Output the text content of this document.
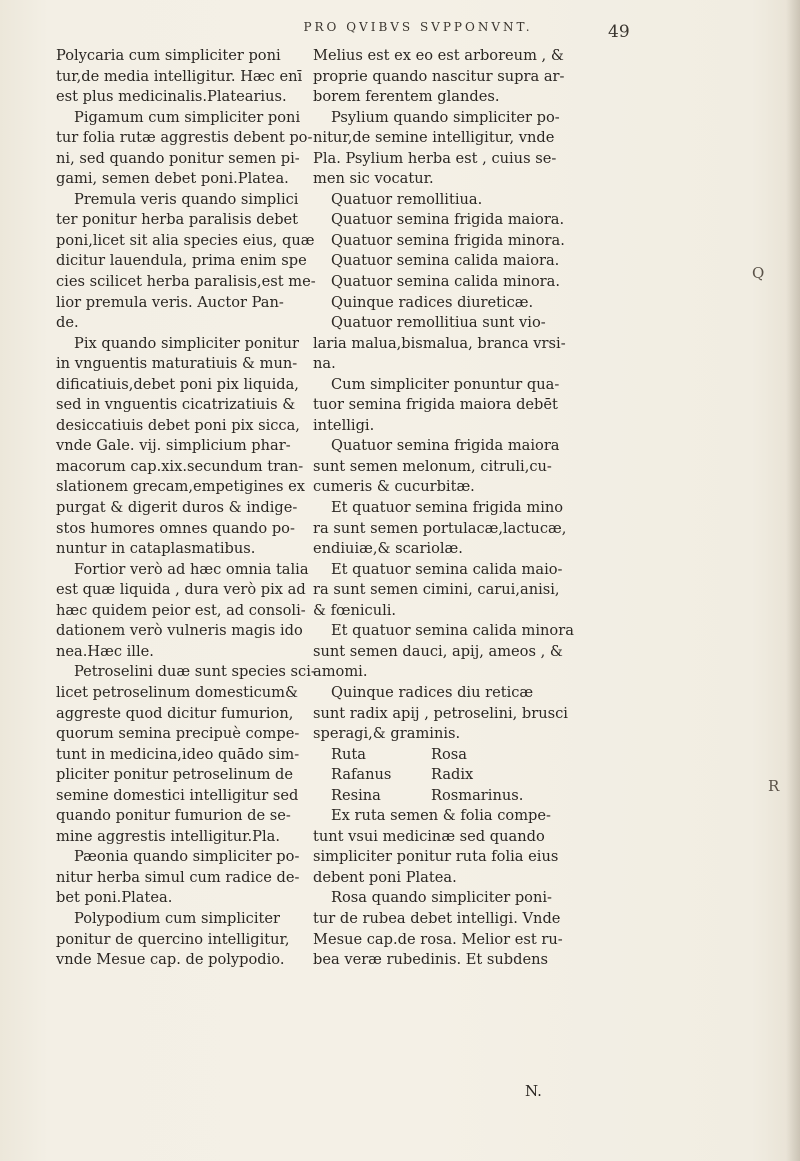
PRO QVIBVS SVPPONVNT.	49
Polycaria cum simpliciter poni
tur,de media intelligitur. Hæc enī
est plus medicinalis.Platearius.
Pigamum cum simpliciter poni
tur folia rutæ aggrestis debent po-
ni, sed quando ponitur semen pi-
gami, semen debet poni.Platea.
Premula veris quando simplici
ter ponitur herba paralisis debet
poni,licet sit alia species eius, quæ
dicitur lauendula, prima enim spe
cies scilicet herba paralisis,est me-
lior premula veris. Auctor Pan-
de.
Pix quando simpliciter ponitur
in vnguentis maturatiuis & mun-
dificatiuis,debet poni pix liquida,
sed in vnguentis cicatrizatiuis &
desiccatiuis debet poni pix sicca,
vnde Gale. vij. simplicium phar-
macorum cap.xix.secundum tran-
slationem grecam,empetigines ex
purgat & digerit duros & indige-
stos humores omnes quando po-
nuntur in cataplasmatibus.
Fortior verò ad hæc omnia talia
est quæ liquida , dura verò pix ad
hæc quidem peior est, ad consoli-
dationem verò vulneris magis ido
nea.Hæc ille.
Petroselini duæ sunt species sci-
licet petroselinum domesticum&
aggreste quod dicitur fumurion,
quorum semina precipuè compe-
tunt in medicina,ideo quādo sim-
pliciter ponitur petroselinum de
semine domestici intelligitur sed
quando ponitur fumurion de se-
mine aggrestis intelligitur.Pla.
Pæonia quando simpliciter po-
nitur herba simul cum radice de-
bet poni.Platea.
Polypodium cum simpliciter
ponitur de quercino intelligitur,
vnde Mesue cap. de polypodio.
Melius est ex eo est arboreum , &
proprie quando nascitur supra ar-
borem ferentem glandes.
Psylium quando simpliciter po-
nitur,de semine intelligitur, vnde
Pla. Psylium herba est , cuius se-
men sic vocatur.
Quatuor remollitiua.
Quatuor semina frigida maiora.
Quatuor semina frigida minora.
Quatuor semina calida maiora.
Quatuor semina calida minora.
Quinque radices diureticæ.
Quatuor remollitiua sunt vio-
laria malua,bismalua, branca vrsi-
na.
Cum simpliciter ponuntur qua-
tuor semina frigida maiora debēt
intelligi.
Quatuor semina frigida maiora
sunt semen melonum, citruli,cu-
cumeris & cucurbitæ.
Et quatuor semina frigida mino
ra sunt semen portulacæ,lactucæ,
endiuiæ,& scariolæ.
Et quatuor semina calida maio-
ra sunt semen cimini, carui,anisi,
& fœniculi.
Et quatuor semina calida minora
sunt semen dauci, apij, ameos , &
amomi.
Quinque radices diu reticæ
sunt radix apij , petroselini, brusci
speragi,& graminis.
Ruta	Rosa
Rafanus	Radix
Resina	Rosmarinus.
Ex ruta semen & folia compe-
tunt vsui medicinæ sed quando
simpliciter ponitur ruta folia eius
debent poni Platea.
Rosa quando simpliciter poni-
tur de rubea debet intelligi. Vnde
Mesue cap.de rosa. Melior est ru-
bea veræ rubedinis. Et subdens
N.
Q
R
